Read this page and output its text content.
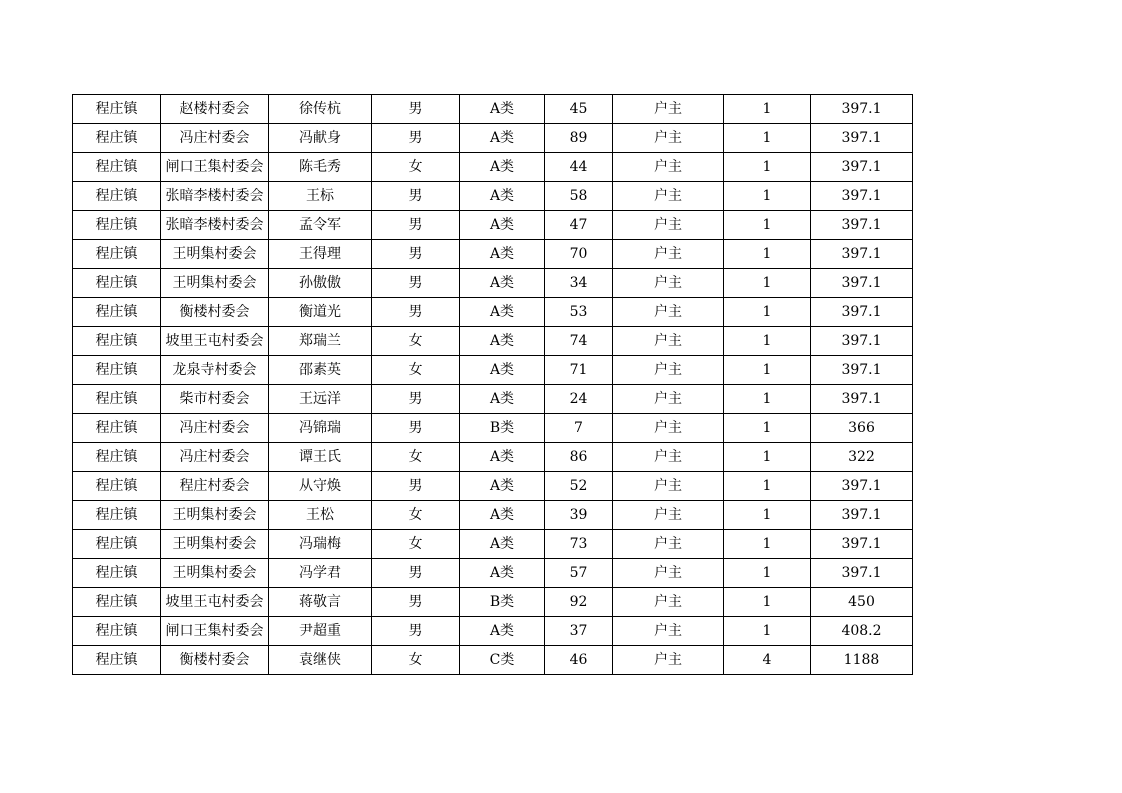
程庄镇	赵楼村委会	徐传杭	男	A类	45	户主	1	397.1
程庄镇	冯庄村委会	冯献身	男	A类	89	户主	1	397.1
程庄镇	闸口王集村委会	陈毛秀	女	A类	44	户主	1	397.1
程庄镇	张暗李楼村委会	王标	男	A类	58	户主	1	397.1
程庄镇	张暗李楼村委会	孟令军	男	A类	47	户主	1	397.1
程庄镇	王明集村委会	王得理	男	A类	70	户主	1	397.1
程庄镇	王明集村委会	孙傲傲	男	A类	34	户主	1	397.1
程庄镇	衡楼村委会	衡道光	男	A类	53	户主	1	397.1
程庄镇	坡里王屯村委会	郑瑞兰	女	A类	74	户主	1	397.1
程庄镇	龙泉寺村委会	邵素英	女	A类	71	户主	1	397.1
程庄镇	柴市村委会	王远洋	男	A类	24	户主	1	397.1
程庄镇	冯庄村委会	冯锦瑞	男	B类	7	户主	1	366
程庄镇	冯庄村委会	谭王氏	女	A类	86	户主	1	322
程庄镇	程庄村委会	从守焕	男	A类	52	户主	1	397.1
程庄镇	王明集村委会	王松	女	A类	39	户主	1	397.1
程庄镇	王明集村委会	冯瑞梅	女	A类	73	户主	1	397.1
程庄镇	王明集村委会	冯学君	男	A类	57	户主	1	397.1
程庄镇	坡里王屯村委会	蒋敬言	男	B类	92	户主	1	450
程庄镇	闸口王集村委会	尹超重	男	A类	37	户主	1	408.2
程庄镇	衡楼村委会	袁继侠	女	C类	46	户主	4	1188
